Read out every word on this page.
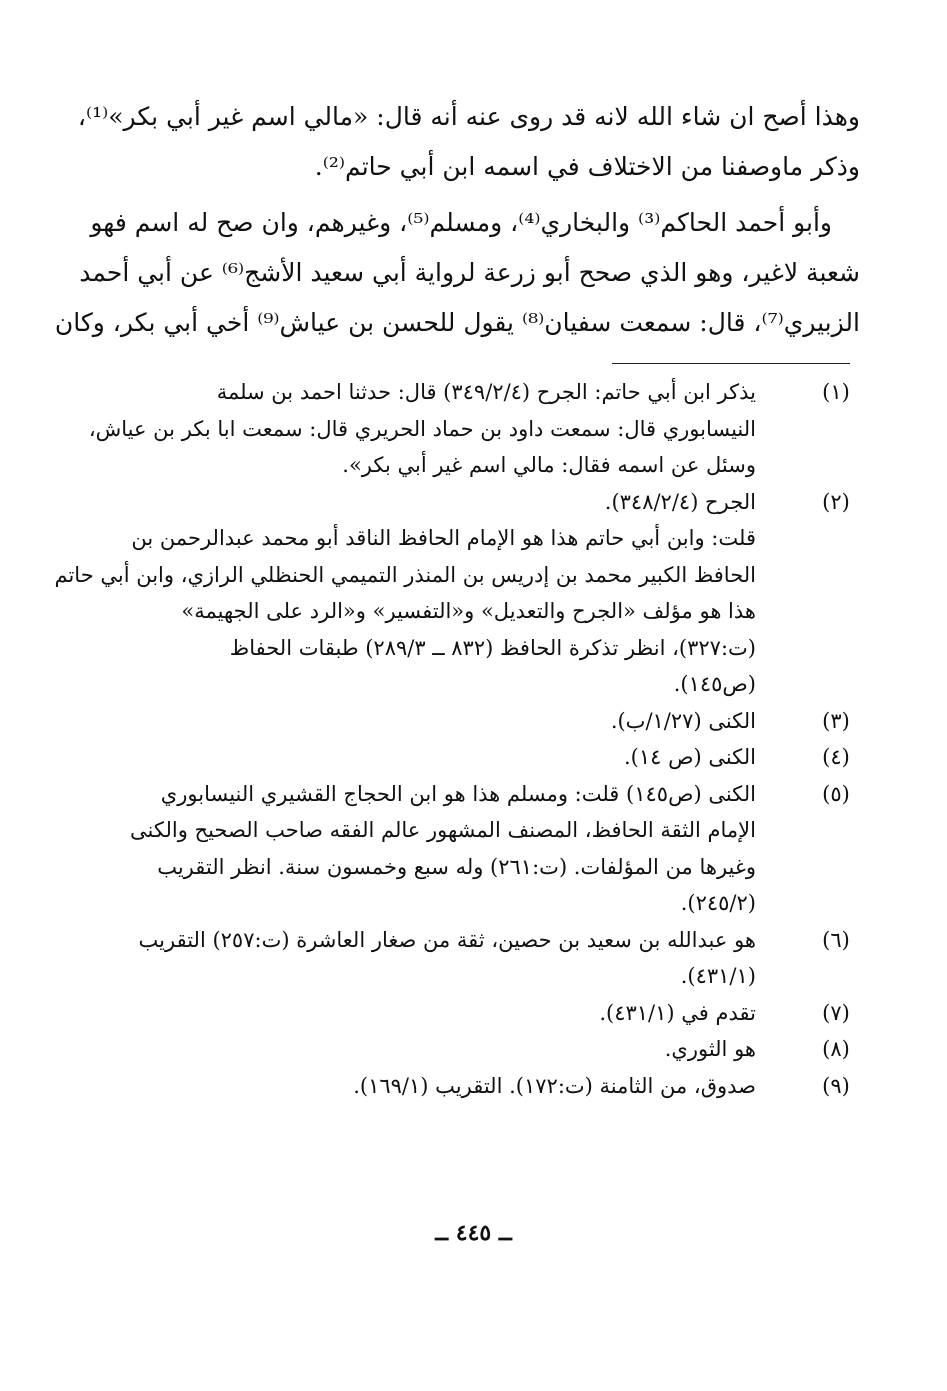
وهذا أصح ان شاء الله لانه قد روى عنه أنه قال: «مالي اسم غير أبي بكر»⁽¹⁾،
وذكر ماوصفنا من الاختلاف في اسمه ابن أبي حاتم⁽²⁾.
وأبو أحمد الحاكم⁽³⁾ والبخاري⁽⁴⁾، ومسلم⁽⁵⁾، وغيرهم، وان صح له اسم فهو
شعبة لاغير، وهو الذي صحح أبو زرعة لرواية أبي سعيد الأشج⁽⁶⁾ عن أبي أحمد
الزبيري⁽⁷⁾، قال: سمعت سفيان⁽⁸⁾ يقول للحسن بن عياش⁽⁹⁾ أخي أبي بكر، وكان
(١)
يذكر ابن أبي حاتم: الجرح (٣٤٩/٢/٤) قال: حدثنا احمد بن سلمة
النيسابوري قال: سمعت داود بن حماد الحريري قال: سمعت ابا بكر بن عياش،
وسئل عن اسمه فقال: مالي اسم غير أبي بكر».
(٢)
الجرح (٣٤٨/٢/٤).
قلت: وابن أبي حاتم هذا هو الإمام الحافظ الناقد أبو محمد عبدالرحمن بن
الحافظ الكبير محمد بن إدريس بن المنذر التميمي الحنظلي الرازي، وابن أبي حاتم
هذا هو مؤلف «الجرح والتعديل» و«التفسير» و«الرد على الجهيمة»
(ت:٣٢٧)، انظر تذكرة الحافظ (٨٣٢ ــ ٢٨٩/٣) طبقات الحفاظ
(ص١٤٥).
(٣)
الكنى (١/٢٧/ب).
(٤)
الكنى (ص ١٤).
(٥)
الكنى (ص١٤٥) قلت: ومسلم هذا هو ابن الحجاج القشيري النيسابوري
الإمام الثقة الحافظ، المصنف المشهور عالم الفقه صاحب الصحيح والكنى
وغيرها من المؤلفات. (ت:٢٦١) وله سبع وخمسون سنة. انظر التقريب
(٢٤٥/٢).
(٦)
هو عبدالله بن سعيد بن حصين، ثقة من صغار العاشرة (ت:٢٥٧) التقريب
(٤٣١/١).
(٧)
تقدم في (٤٣١/١).
(٨)
هو الثوري.
(٩)
صدوق، من الثامنة (ت:١٧٢). التقريب (١٦٩/١).
ــ ٤٤٥ ــ
